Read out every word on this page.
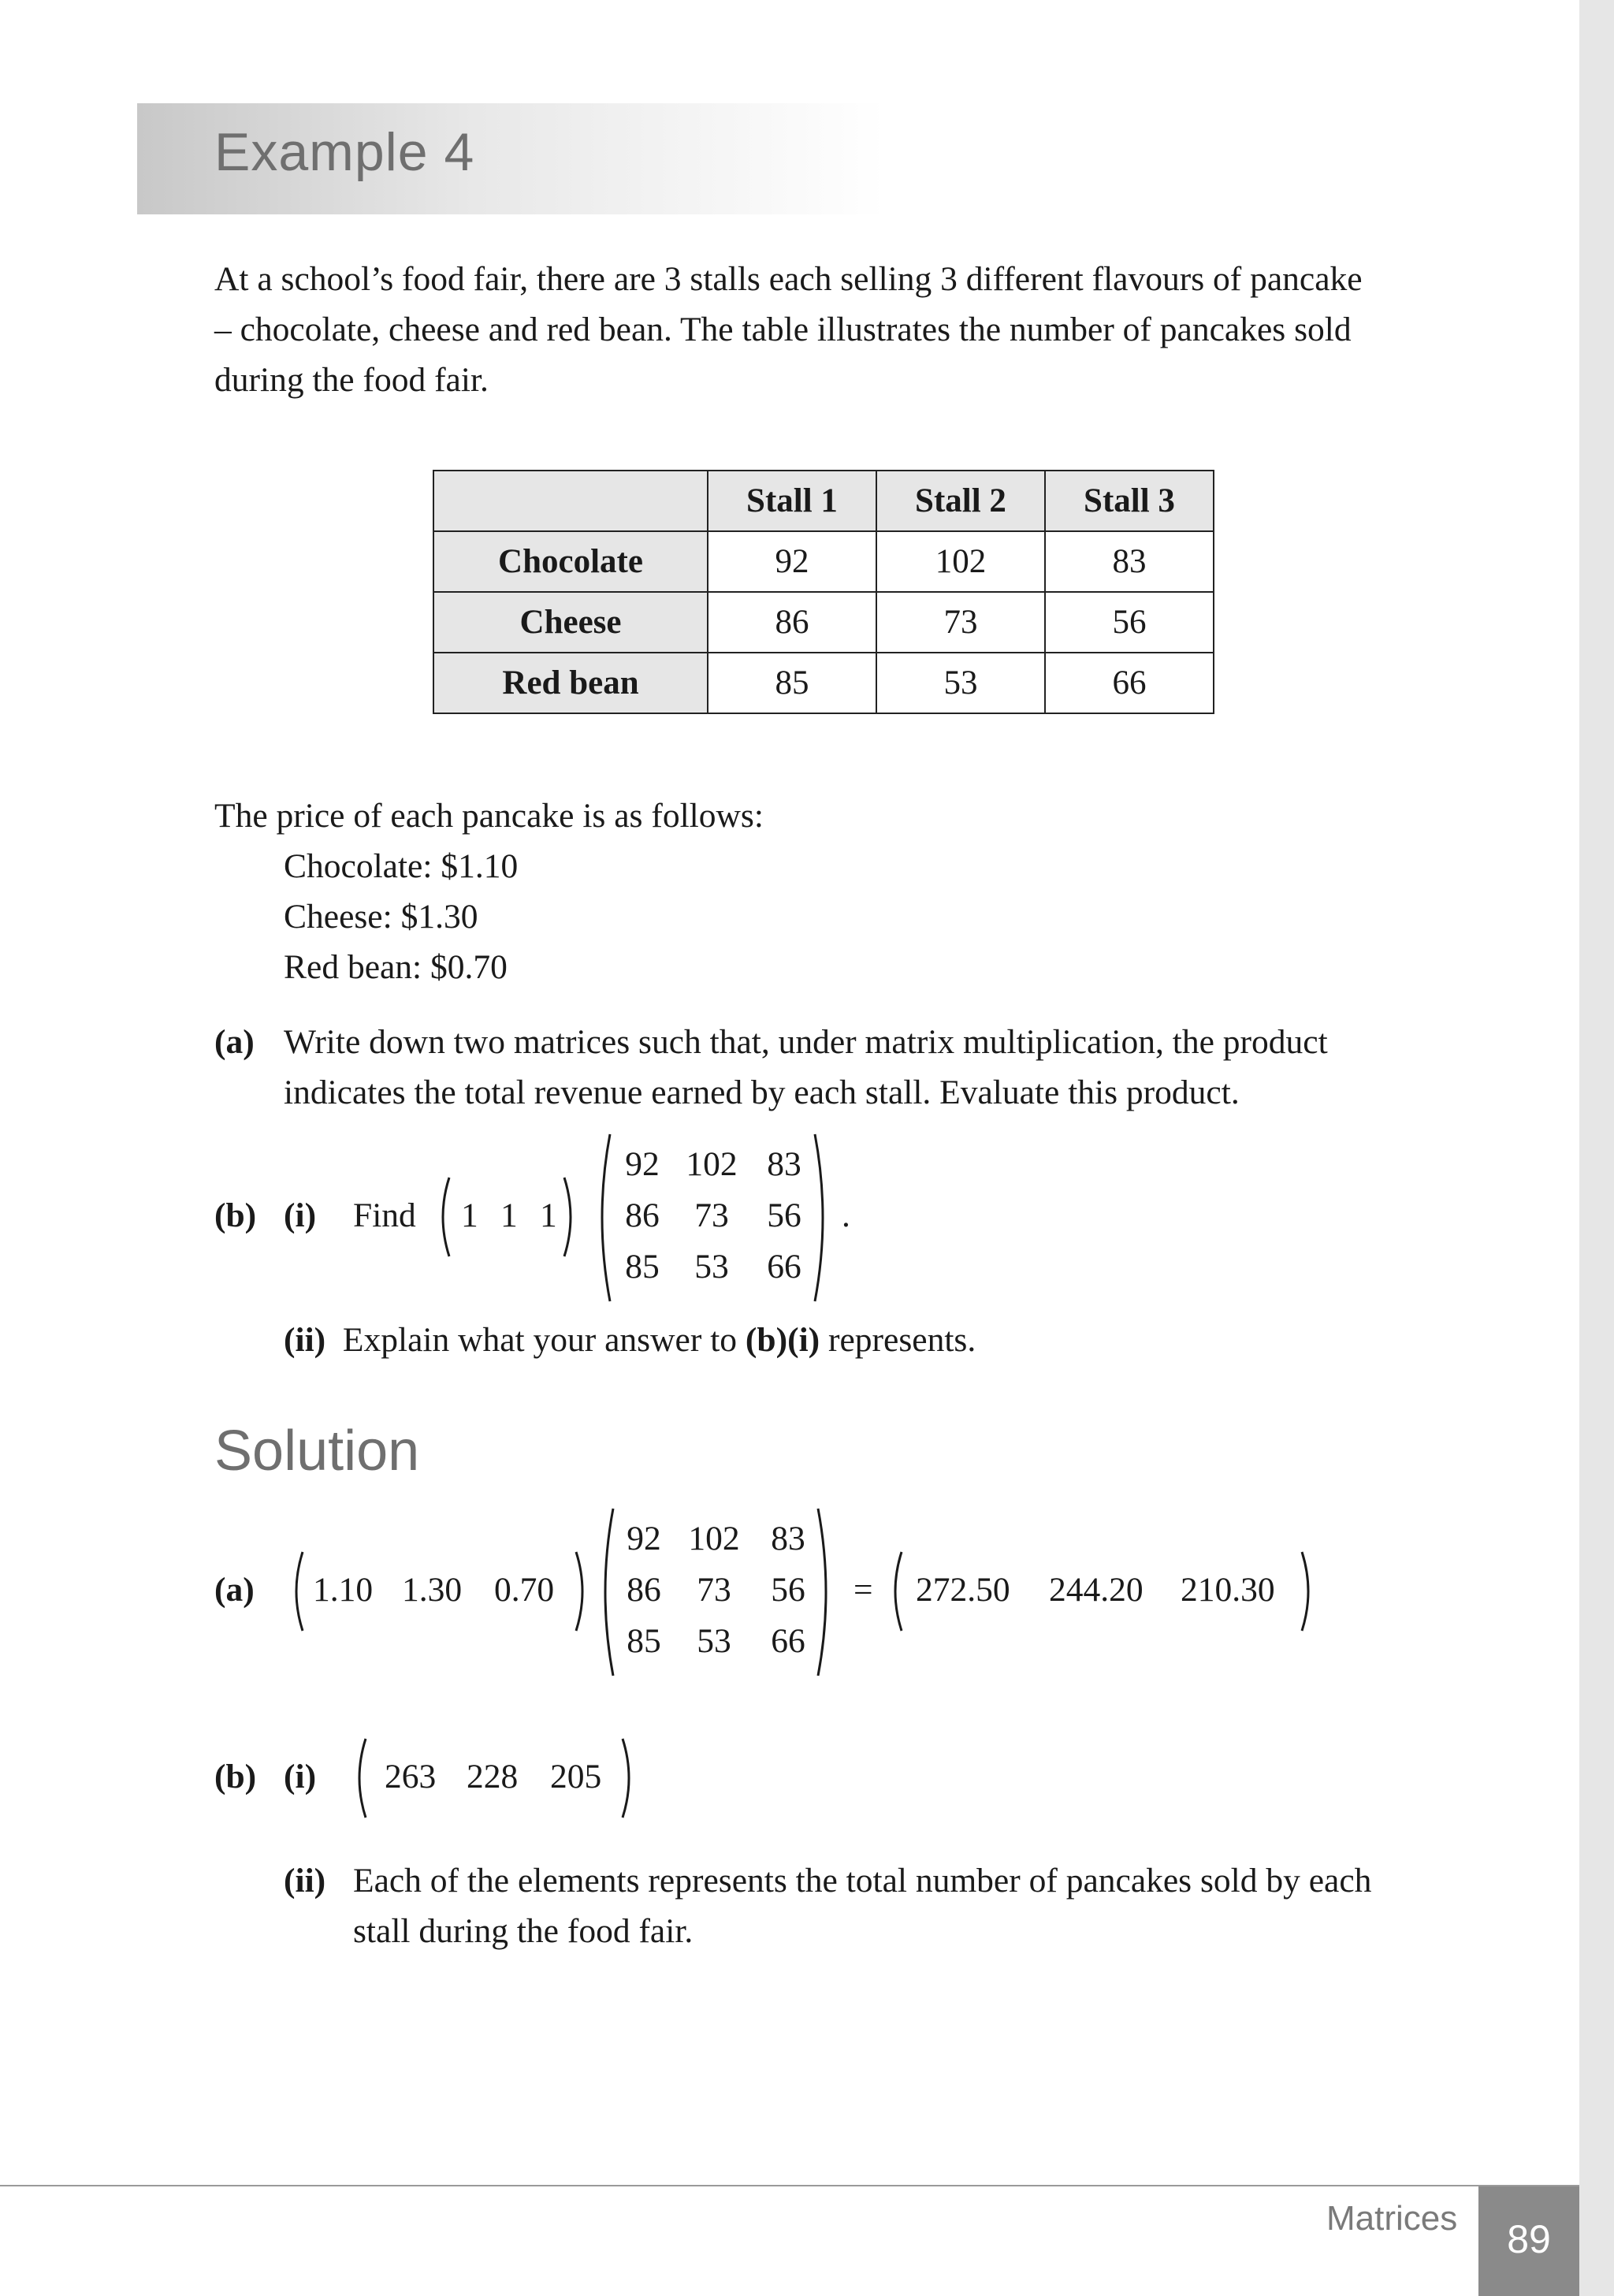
Example 4
At a school’s food fair, there are 3 stalls each selling 3 different flavours of pancake
– chocolate, cheese and red bean. The table illustrates the number of pancakes sold
during the food fair.
	Stall 1	Stall 2	Stall 3
Chocolate	92	102	83
Cheese	86	73	56
Red bean	85	53	66
The price of each pancake is as follows:
Chocolate: $1.10
Cheese: $1.30
Red bean: $0.70
(a) Write down two matrices such that, under matrix multiplication, the product
indicates the total revenue earned by each stall. Evaluate this product.
(b) (i) Find 1 1 1
92 102 83
86	73	56
85	53	66
.
(ii) Explain what your answer to (b)(i) represents.
Solution
(a) 1.10 1.30 0.70
92 102 83
86	73	56
85	53	66
= 272.50 244.20 210.30
(b) (i) 263 228 205
(ii) Each of the elements represents the total number of pancakes sold by each
stall during the food fair.
Matrices	89
